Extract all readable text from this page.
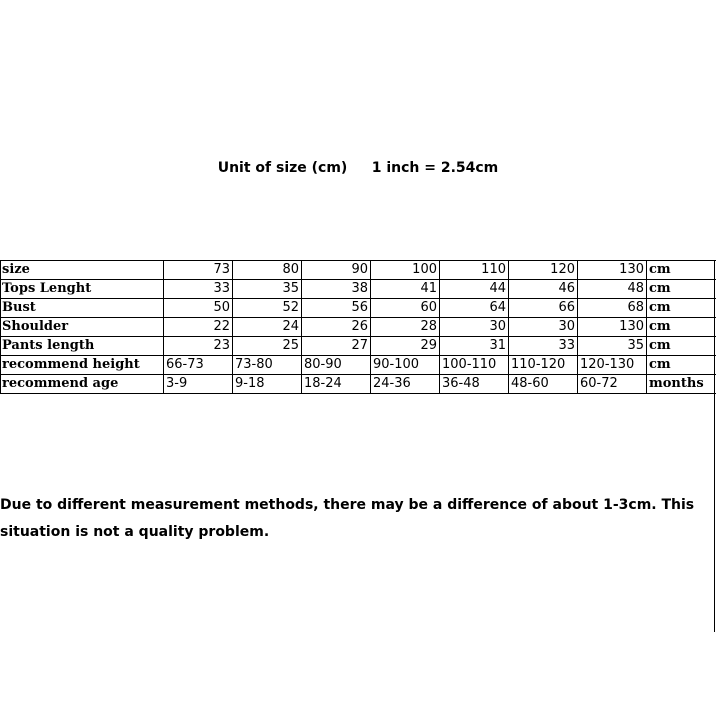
Unit of size (cm)     1 inch = 2.54cm
size	73	80	90	100	110	120	130	cm
Tops Lenght	33	35	38	41	44	46	48	cm
Bust	50	52	56	60	64	66	68	cm
Shoulder	22	24	26	28	30	30	130	cm
Pants length	23	25	27	29	31	33	35	cm
recommend height	66-73	73-80	80-90	90-100	100-110	110-120	120-130	cm
recommend age	3-9	9-18	18-24	24-36	36-48	48-60	60-72	months
Due to different measurement methods, there may be a difference of about 1-3cm. This situation is not a quality problem.
